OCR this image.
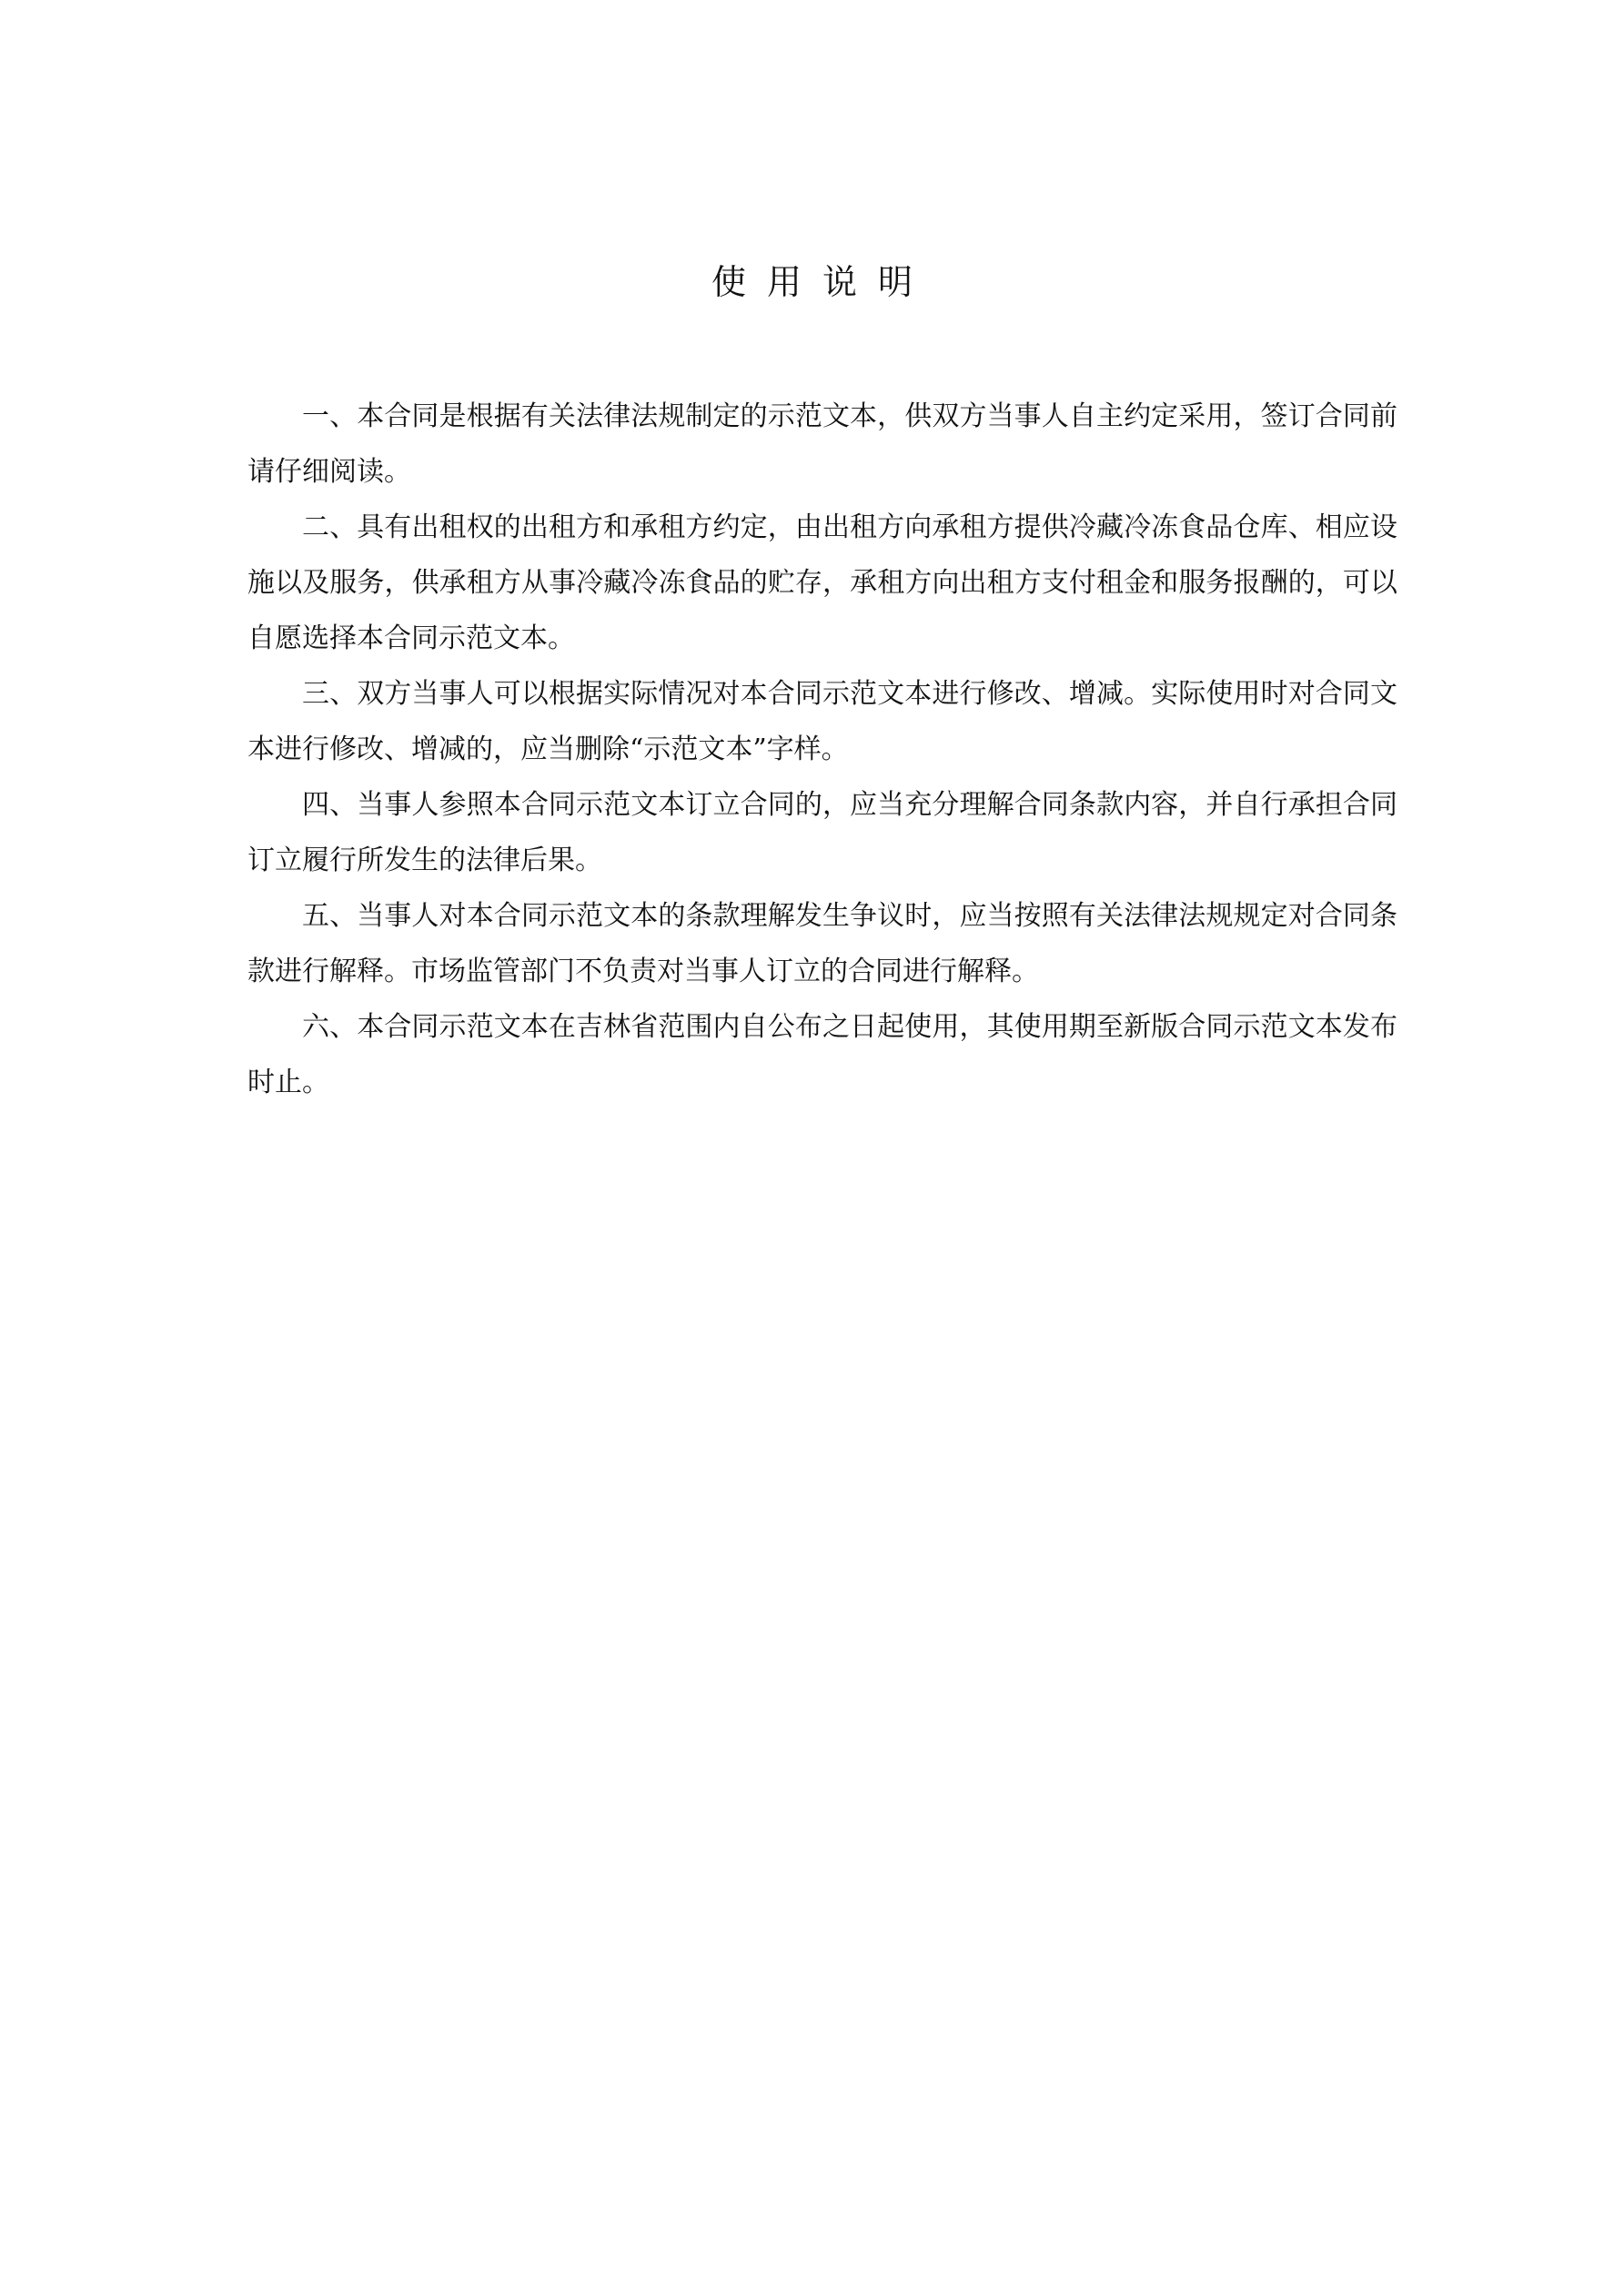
使用说明

一、本合同是根据有关法律法规制定的示范文本，供双方当事人自主约定采用，签订合同前请仔细阅读。

二、具有出租权的出租方和承租方约定，由出租方向承租方提供冷藏冷冻食品仓库、相应设施以及服务，供承租方从事冷藏冷冻食品的贮存，承租方向出租方支付租金和服务报酬的，可以自愿选择本合同示范文本。

三、双方当事人可以根据实际情况对本合同示范文本进行修改、增减。实际使用时对合同文本进行修改、增减的，应当删除“示范文本”字样。

四、当事人参照本合同示范文本订立合同的，应当充分理解合同条款内容，并自行承担合同订立履行所发生的法律后果。

五、当事人对本合同示范文本的条款理解发生争议时，应当按照有关法律法规规定对合同条款进行解释。市场监管部门不负责对当事人订立的合同进行解释。

六、本合同示范文本在吉林省范围内自公布之日起使用，其使用期至新版合同示范文本发布时止。
